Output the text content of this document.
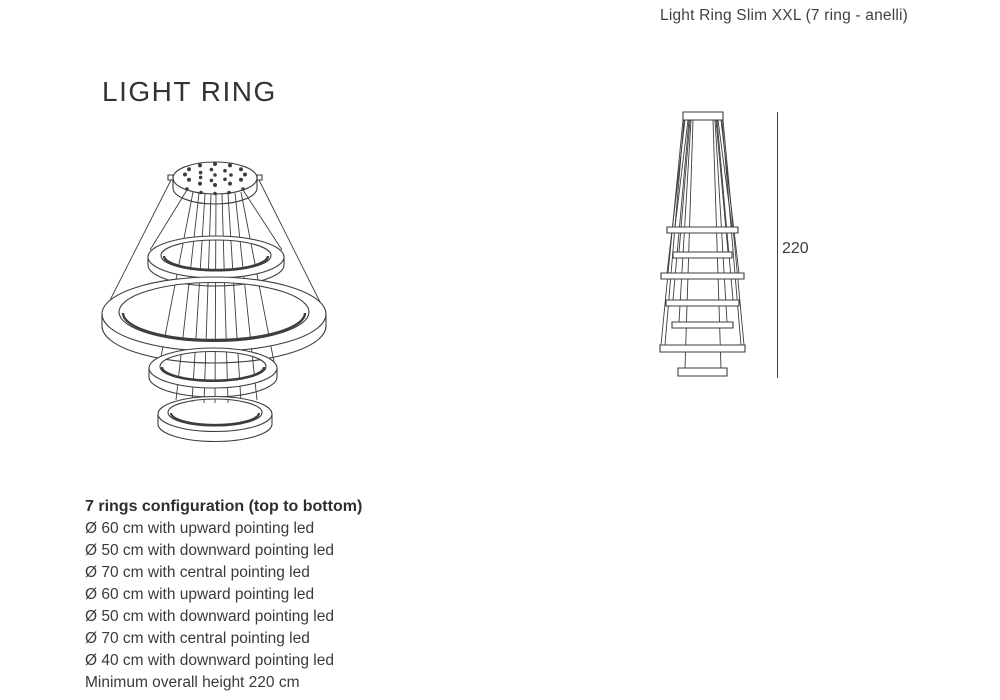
Light Ring Slim XXL (7 ring - anelli)
LIGHT RING
220
7 rings configuration (top to bottom)
Ø 60 cm with upward pointing led
Ø 50 cm with downward pointing led
Ø 70 cm with central pointing led
Ø 60 cm with upward pointing led
Ø 50 cm with downward pointing led
Ø 70 cm with central pointing led
Ø 40 cm with downward pointing led
Minimum overall height 220 cm
